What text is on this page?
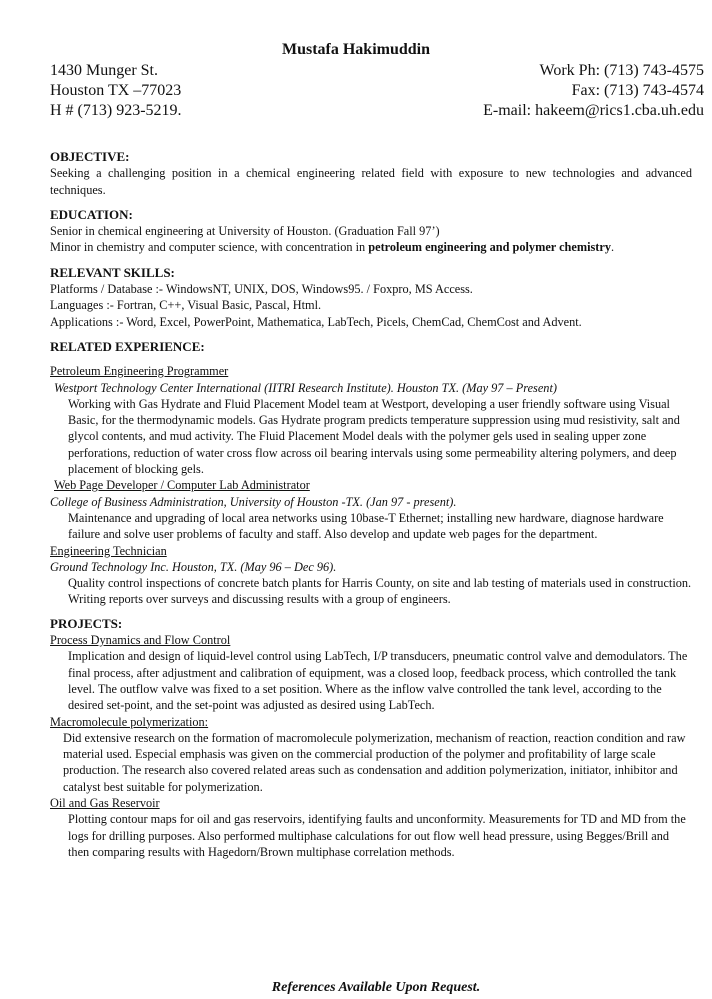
Mustafa Hakimuddin
1430 Munger St.
Houston TX –77023
H # (713) 923-5219.
Work Ph: (713) 743-4575
Fax: (713) 743-4574
E-mail: hakeem@rics1.cba.uh.edu
OBJECTIVE:
Seeking a challenging position in a chemical engineering related field with exposure to new technologies and advanced techniques.
EDUCATION:
Senior in chemical engineering at University of Houston. (Graduation Fall 97’)
Minor in chemistry and computer science, with concentration in petroleum engineering and polymer chemistry.
RELEVANT SKILLS:
Platforms / Database :- WindowsNT, UNIX, DOS, Windows95. / Foxpro, MS Access.
Languages :- Fortran, C++, Visual Basic, Pascal, Html.
Applications :- Word, Excel, PowerPoint, Mathematica, LabTech, Picels, ChemCad, ChemCost and Advent.
RELATED EXPERIENCE:
Petroleum Engineering Programmer
Westport Technology Center International (IITRI Research Institute). Houston TX. (May 97 – Present)
Working with Gas Hydrate and Fluid Placement Model team at Westport, developing a user friendly software using Visual Basic, for the thermodynamic models. Gas Hydrate program predicts temperature suppression using mud resistivity, salt and glycol contents, and mud activity. The Fluid Placement Model deals with the polymer gels used in sealing upper zone perforations, reduction of water cross flow across oil bearing intervals using some permeability altering polymers, and deep placement of blocking gels.
Web Page Developer / Computer Lab Administrator
College of Business Administration, University of Houston -TX. (Jan 97 - present).
Maintenance and upgrading of local area networks using 10base-T Ethernet; installing new hardware, diagnose hardware failure and solve user problems of faculty and staff. Also develop and update web pages for the department.
Engineering Technician
Ground Technology Inc. Houston, TX. (May 96 – Dec 96).
Quality control inspections of concrete batch plants for Harris County, on site and lab testing of materials used in construction. Writing reports over surveys and discussing results with a group of engineers.
PROJECTS:
Process Dynamics and Flow Control
Implication and design of liquid-level control using LabTech, I/P transducers, pneumatic control valve and demodulators. The final process, after adjustment and calibration of equipment, was a closed loop, feedback process, which controlled the tank level. The outflow valve was fixed to a set position. Where as the inflow valve controlled the tank level, according to the desired set-point, and the set-point was adjusted as desired using LabTech.
Macromolecule polymerization:
Did extensive research on the formation of macromolecule polymerization, mechanism of reaction, reaction condition and raw material used. Especial emphasis was given on the commercial production of the polymer and profitability of large scale production. The research also covered related areas such as condensation and addition polymerization, initiator, inhibitor and catalyst best suitable for polymerization.
Oil and Gas Reservoir
Plotting contour maps for oil and gas reservoirs, identifying faults and unconformity. Measurements for TD and MD from the logs for drilling purposes. Also performed multiphase calculations for out flow well head pressure, using Begges/Brill and then comparing results with Hagedorn/Brown multiphase correlation methods.
References Available Upon Request.
